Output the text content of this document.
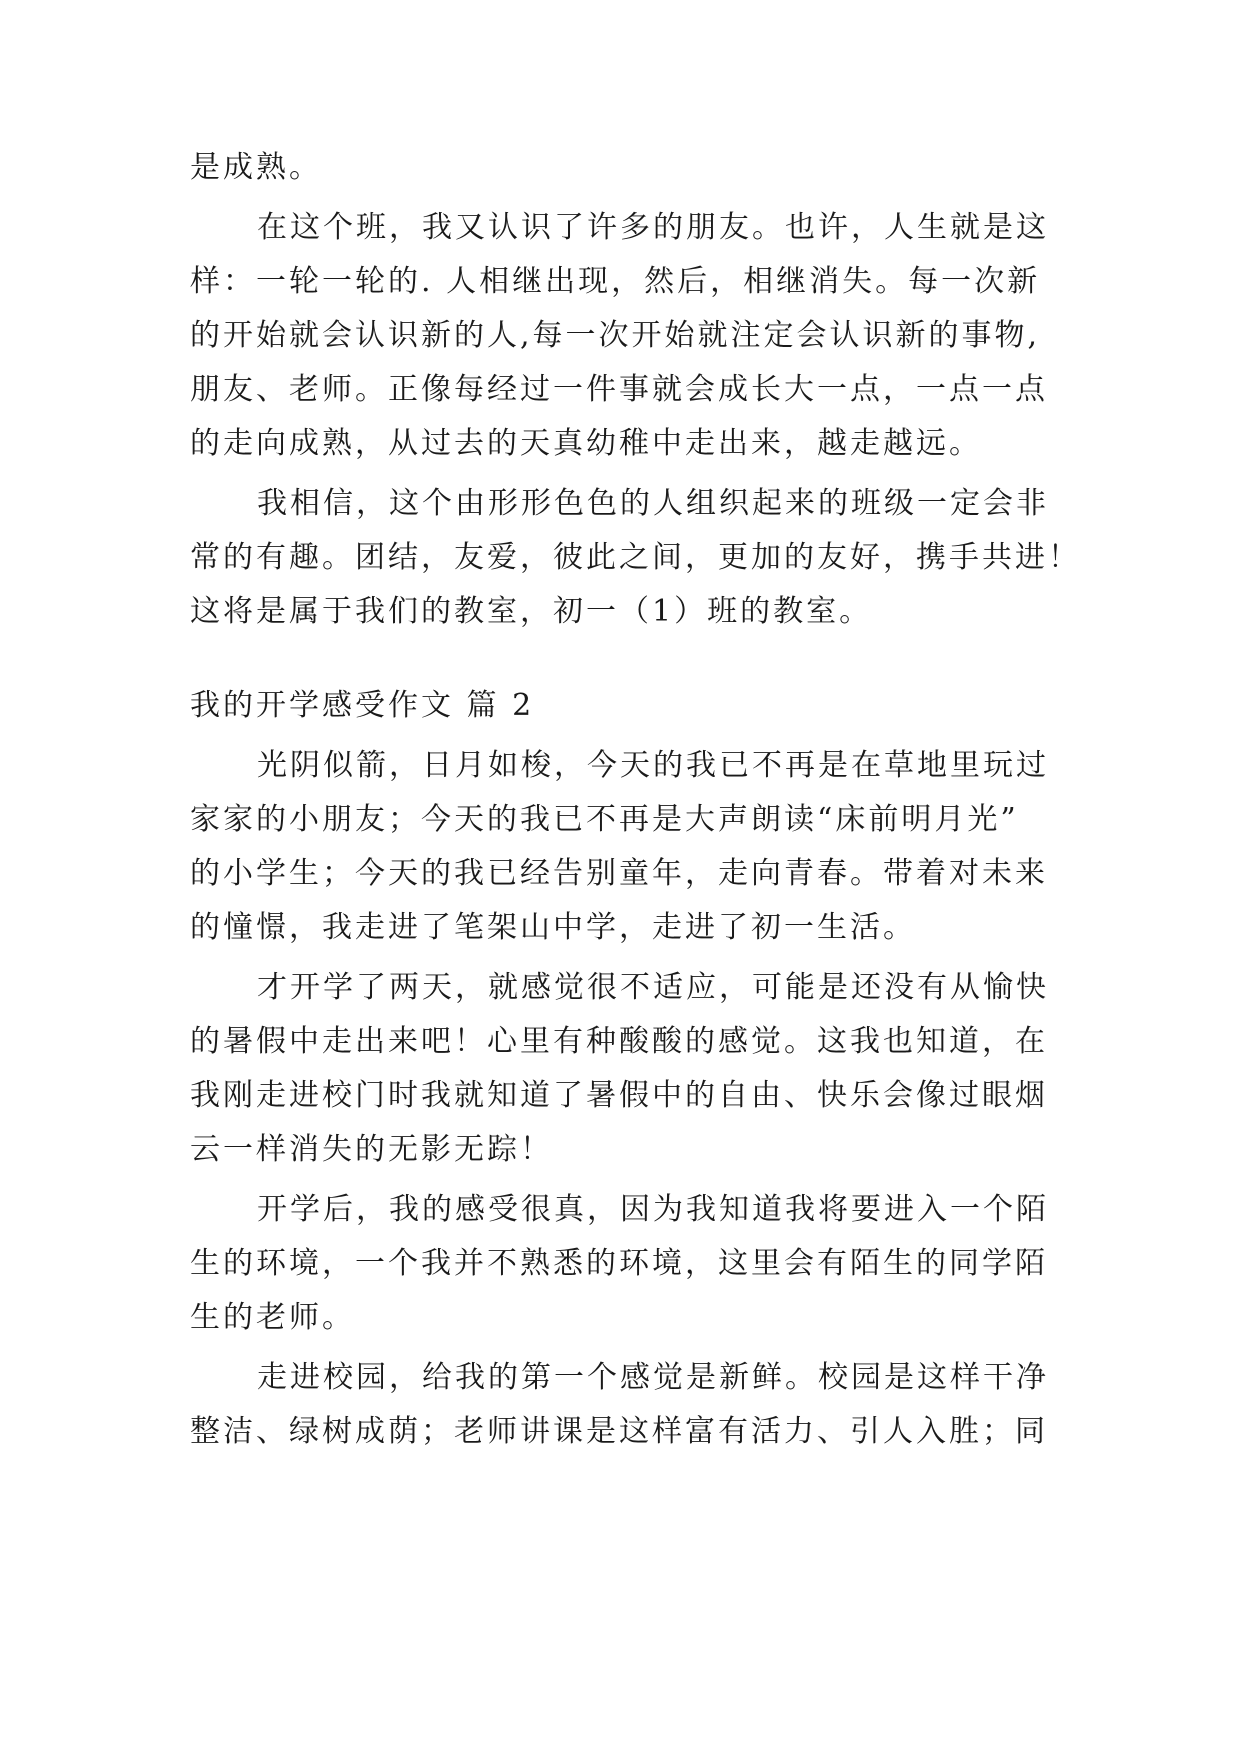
是成熟。
在这个班，我又认识了许多的朋友。也许，人生就是这
样：一轮一轮的. 人相继出现，然后，相继消失。每一次新
的开始就会认识新的人,每一次开始就注定会认识新的事物,
朋友、老师。正像每经过一件事就会成长大一点，一点一点
的走向成熟，从过去的天真幼稚中走出来，越走越远。
我相信，这个由形形色色的人组织起来的班级一定会非
常的有趣。团结，友爱，彼此之间，更加的友好，携手共进！
这将是属于我们的教室，初一（1）班的教室。
我的开学感受作文 篇 2
光阴似箭，日月如梭，今天的我已不再是在草地里玩过
家家的小朋友；今天的我已不再是大声朗读“床前明月光”
的小学生；今天的我已经告别童年，走向青春。带着对未来
的憧憬，我走进了笔架山中学，走进了初一生活。
才开学了两天，就感觉很不适应，可能是还没有从愉快
的暑假中走出来吧！心里有种酸酸的感觉。这我也知道，在
我刚走进校门时我就知道了暑假中的自由、快乐会像过眼烟
云一样消失的无影无踪！
开学后，我的感受很真，因为我知道我将要进入一个陌
生的环境，一个我并不熟悉的环境，这里会有陌生的同学陌
生的老师。
走进校园，给我的第一个感觉是新鲜。校园是这样干净
整洁、绿树成荫；老师讲课是这样富有活力、引人入胜；同
